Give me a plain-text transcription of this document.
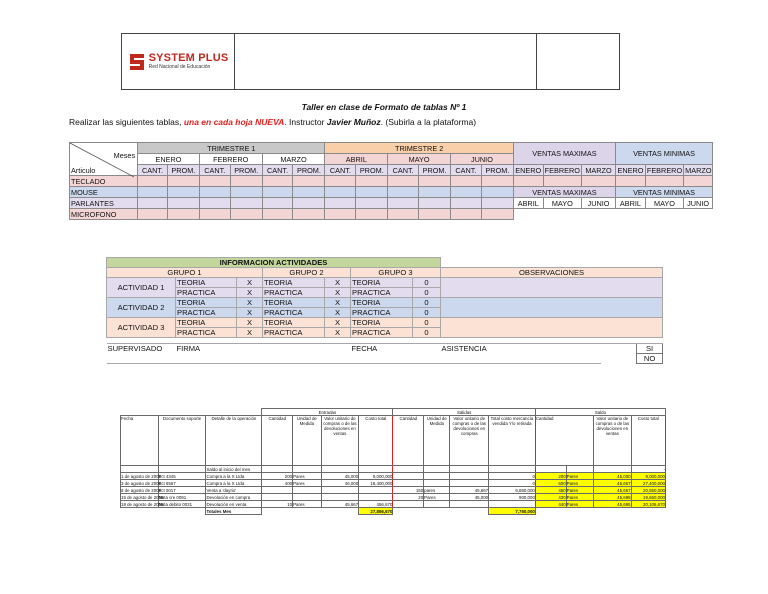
SYSTEM PLUS
Red Nacional de Educación
Taller en clase de Formato de tablas Nº 1
Realizar las siguientes tablas, una en cada hoja NUEVA. Instructor Javier Muñoz. (Subirla a la plataforma)
Meses
Articulo	TRIMESTRE 1						TRIMESTRE 2						VENTAS MAXIMAS			VENTAS MINIMAS		
	ENERO		FEBRERO		MARZO		ABRIL		MAYO		JUNIO							
	CANT.	PROM.	CANT.	PROM.	CANT.	PROM.	CANT.	PROM.	CANT.	PROM.	CANT.	PROM.	ENERO	FEBRERO	MARZO	ENERO	FEBRERO	MARZO
TECLADO																		
MOUSE													VENTAS MAXIMAS			VENTAS MINIMAS		
PARLANTES													ABRIL	MAYO	JUNIO	ABRIL	MAYO	JUNIO
MICROFONO																		
INFORMACION ACTIVIDADES									
GRUPO 1			GRUPO 2		GRUPO 3		OBSERVACIONES		
ACTIVIDAD 1	TEORIA	X	TEORIA	X	TEORIA	0			
	PRACTICA	X	PRACTICA	X	PRACTICA	0			
ACTIVIDAD 2	TEORIA	X	TEORIA	X	TEORIA	0			
	PRACTICA	X	PRACTICA	X	PRACTICA	0			
ACTIVIDAD 3	TEORIA	X	TEORIA	X	TEORIA	0			
	PRACTICA	X	PRACTICA	X	PRACTICA	0			

SUPERVISADO	FIRMA				FECHA		ASISTENCIA		SI
									NO
			Entradas				Salidas				Saldo			
Fecha	Documento soporte	Detalle de la operación	Cantidad	Unidad de Medida	Valor unitario de compras o de las devoluciones en ventas	Costo total	Cantidad	Unidad de Medida	Valor unitario de compras o de las devoluciones en compras	Total costo mercancía vendida Y/o retirada	Cantidad		Valor unitario de compras o de las devoluciones en ventas	Costo total
		Saldo al inicio del mes												-
1 de agosto de 2008	Fct 4345	Compra a la X Ltda	200	Pares	45,000	9,000,000				0	200	Pares	45,000	9,000,000
3 de agosto de 2008	Fct 6567	Compra a la X Ltda	400	Pares	46,000	18,400,000				0	600	Pares	45,667	27,400,000
8 de agosto de 2008	Fct 0017	Venta a 'dayrio'					150	pares	45,667	6,850,000	450	Pares	45,667	20,550,000
15 de agosto de 2008	Nota cre 0091	Devolución en compra					20	Pares	45,000	900,000	430	Pares	45,698	19,650,000
18 de agosto de 2008	Nota debito 0031	Devolución en venta	10	Pares	45,667	456,670					440	Pares	45,695	20,106,670
		Totales Mes				27,856,670				7,750,000				
